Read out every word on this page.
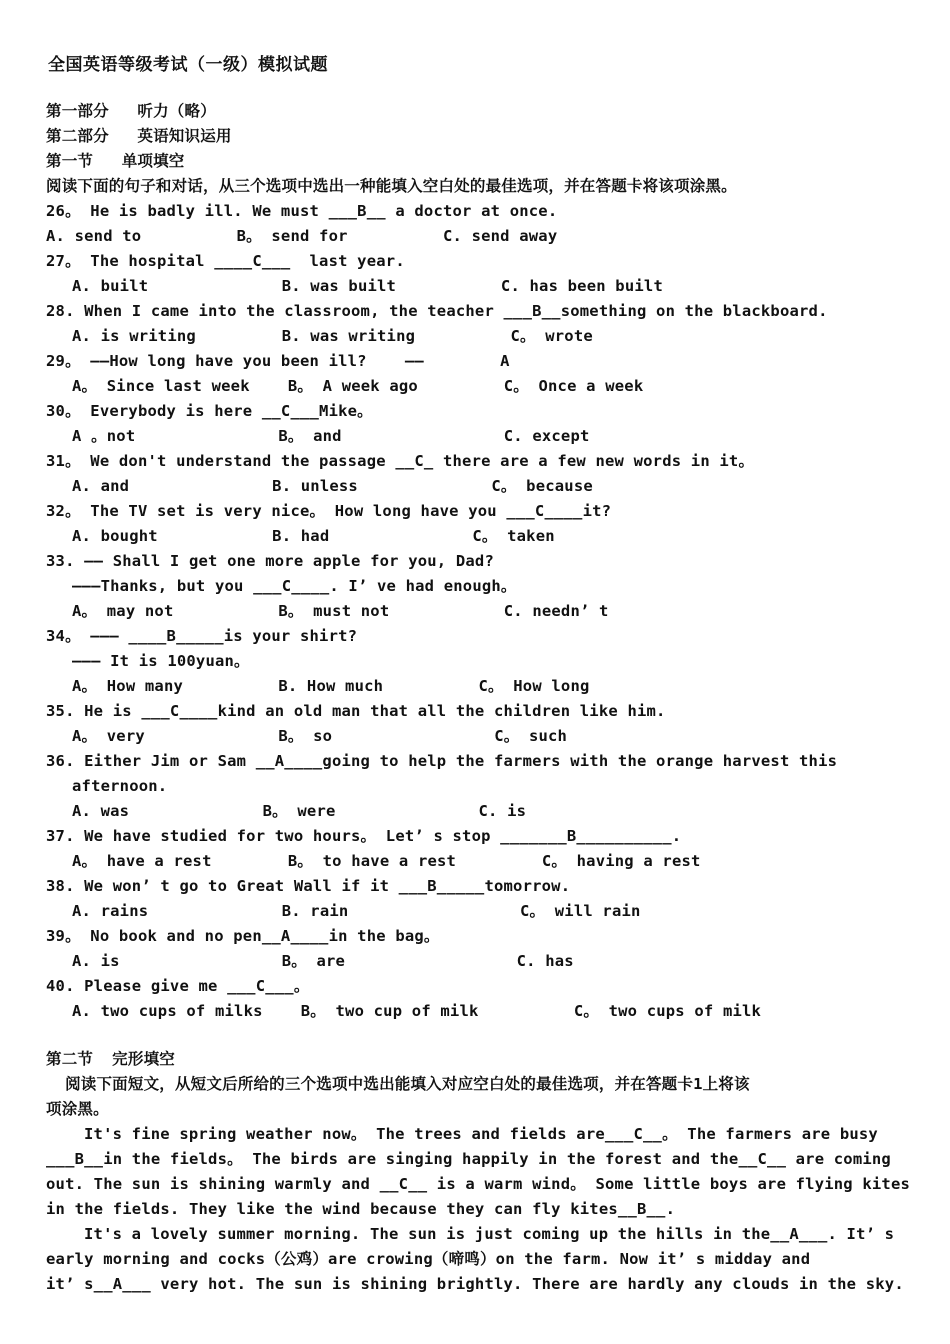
全国英语等级考试（一级）模拟试题
第一部分   听力（略）
第二部分   英语知识运用
第一节   单项填空
阅读下面的句子和对话，从三个选项中选出一种能填入空白处的最佳选项，并在答题卡将该项涂黑。
26。 He is badly ill. We must ___B__ a doctor at once.
A. send to          B。 send for          C. send away
27。 The hospital ____C___  last year.
A. built              B. was built           C. has been built
28. When I came into the classroom, the teacher ___B__something on the blackboard.
A. is writing         B. was writing          C。 wrote
29。 ——How long have you been ill?    ——        A
A。 Since last week    B。 A week ago         C。 Once a week
30。 Everybody is here __C___Mike。
A 。not               B。 and                 C. except
31。 We don't understand the passage __C_ there are a few new words in it。
A. and               B. unless              C。 because
32。 The TV set is very nice。 How long have you ___C____it?
A. bought            B. had               C。 taken
33. —— Shall I get one more apple for you, Dad?
———Thanks, but you ___C____. I’ ve had enough。
A。 may not           B。 must not            C. needn’ t
34。 ——— ____B_____is your shirt?
——— It is 100yuan。
A。 How many          B. How much          C。 How long
35. He is ___C____kind an old man that all the children like him.
A。 very              B。 so                 C。 such
36. Either Jim or Sam __A____going to help the farmers with the orange harvest this
afternoon.
A. was              B。 were               C. is
37. We have studied for two hours。 Let’ s stop _______B__________.
A。 have a rest        B。 to have a rest         C。 having a rest
38. We won’ t go to Great Wall if it ___B_____tomorrow.
A. rains              B. rain                  C。 will rain
39。 No book and no pen__A____in the bag。
A. is                 B。 are                  C. has
40. Please give me ___C___。
A. two cups of milks    B。 two cup of milk          C。 two cups of milk
第二节  完形填空
阅读下面短文，从短文后所给的三个选项中选出能填入对应空白处的最佳选项，并在答题卡1上将该
项涂黑。
It's fine spring weather now。 The trees and fields are___C__。 The farmers are busy
___B__in the fields。 The birds are singing happily in the forest and the__C__ are coming
out. The sun is shining warmly and __C__ is a warm wind。 Some little boys are flying kites
in the fields. They like the wind because they can fly kites__B__.
It's a lovely summer morning. The sun is just coming up the hills in the__A___. It’ s
early morning and cocks（公鸡）are crowing（啼鸣）on the farm. Now it’ s midday and
it’ s__A___ very hot. The sun is shining brightly. There are hardly any clouds in the sky.
